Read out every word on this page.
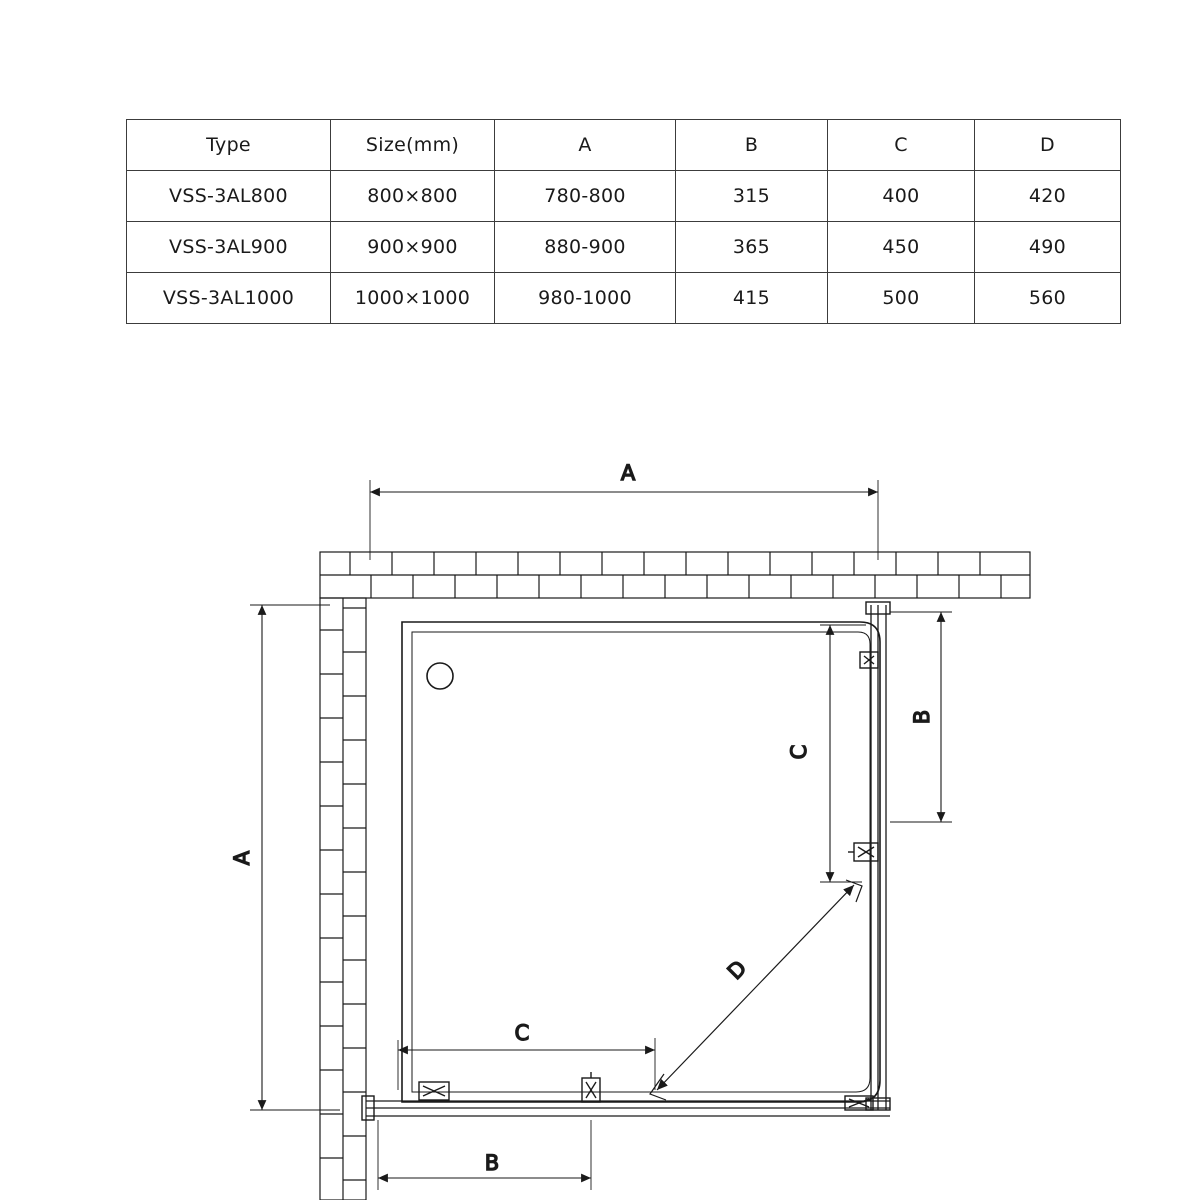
Type	Size(mm)	A	B	C	D
VSS-3AL800	800×800	780-800	315	400	420
VSS-3AL900	900×900	880-900	365	450	490
VSS-3AL1000	1000×1000	980-1000	415	500	560
A
A
B
C
C
D
B
